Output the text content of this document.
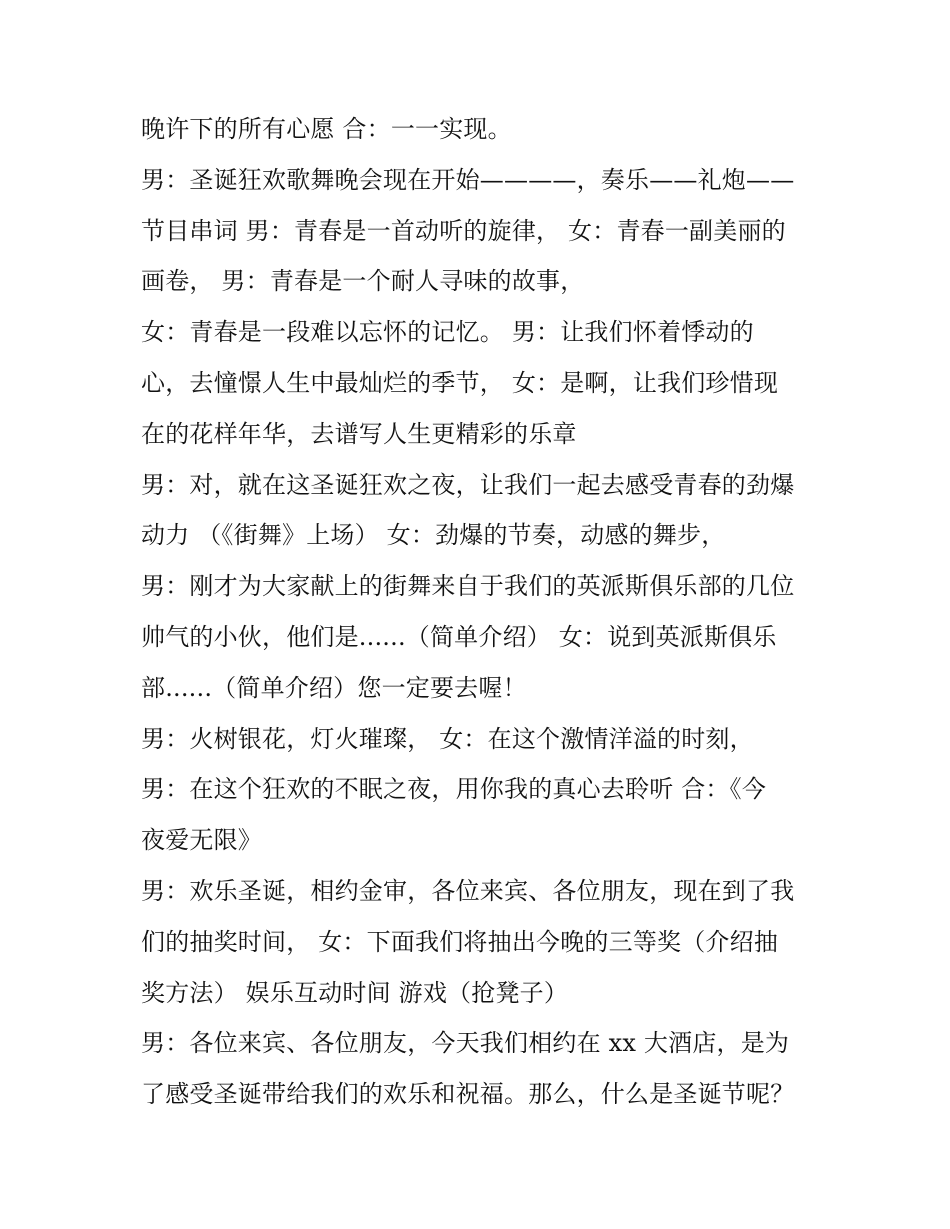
晚许下的所有心愿 合：一一实现。
男：圣诞狂欢歌舞晚会现在开始————，奏乐——礼炮——
节目串词 男：青春是一首动听的旋律， 女：青春一副美丽的
画卷， 男：青春是一个耐人寻味的故事，
女：青春是一段难以忘怀的记忆。 男：让我们怀着悸动的
心，去憧憬人生中最灿烂的季节， 女：是啊，让我们珍惜现
在的花样年华，去谱写人生更精彩的乐章
男：对，就在这圣诞狂欢之夜，让我们一起去感受青春的劲爆
动力 （《街舞》上场） 女：劲爆的节奏，动感的舞步，
男：刚才为大家献上的街舞来自于我们的英派斯俱乐部的几位
帅气的小伙，他们是......（简单介绍） 女：说到英派斯俱乐
部......（简单介绍）您一定要去喔！
男：火树银花，灯火璀璨， 女：在这个激情洋溢的时刻，
男：在这个狂欢的不眠之夜，用你我的真心去聆听 合：《今
夜爱无限》
男：欢乐圣诞，相约金审，各位来宾、各位朋友，现在到了我
们的抽奖时间， 女：下面我们将抽出今晚的三等奖（介绍抽
奖方法） 娱乐互动时间 游戏（抢凳子）
男：各位来宾、各位朋友，今天我们相约在 xx 大酒店，是为
了感受圣诞带给我们的欢乐和祝福。那么，什么是圣诞节呢？
